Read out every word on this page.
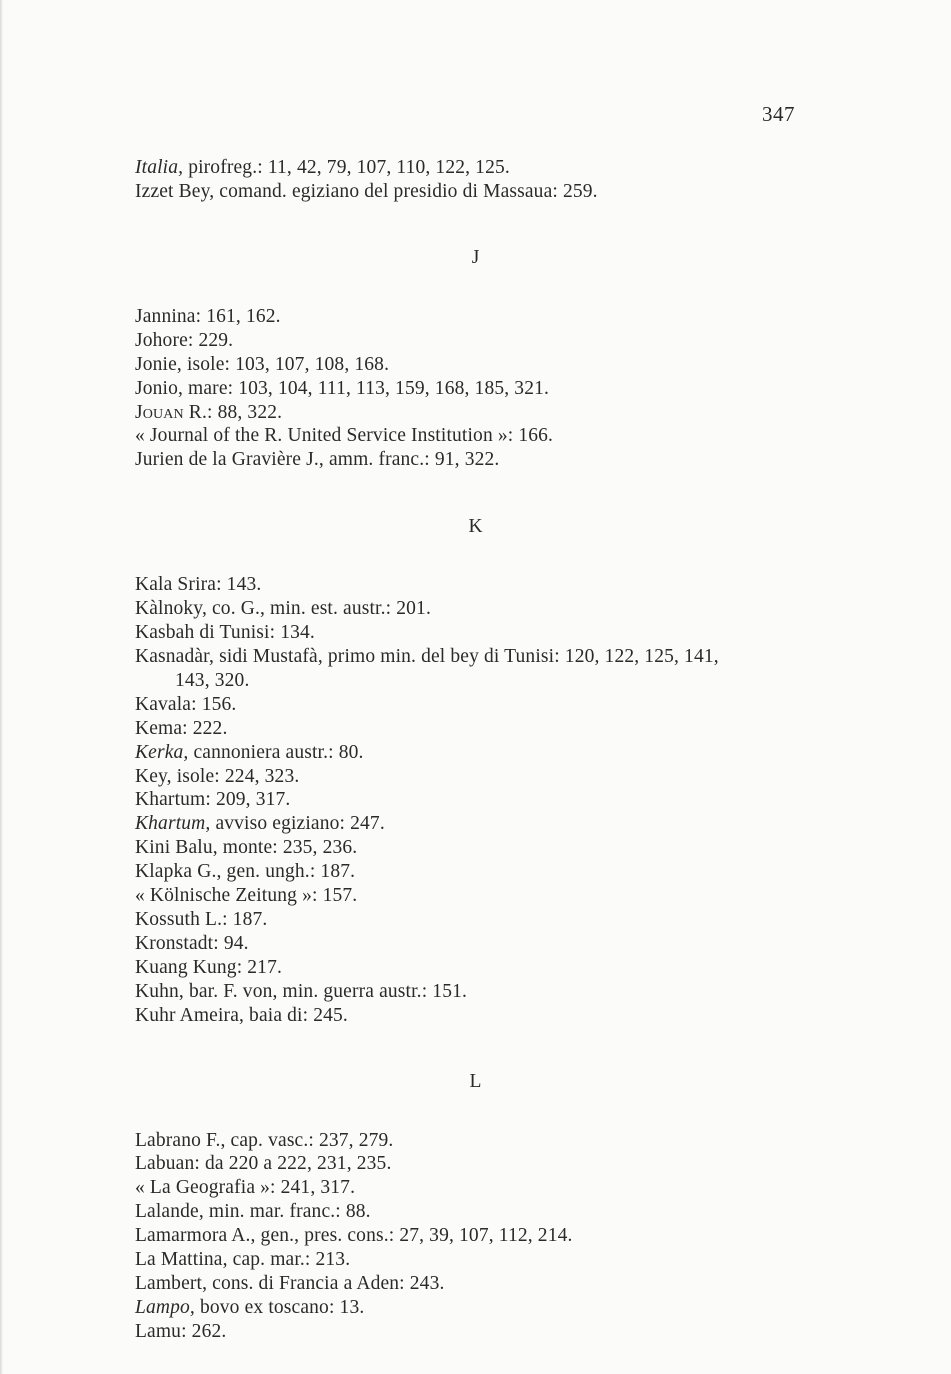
347
Italia, pirofreg.: 11, 42, 79, 107, 110, 122, 125.
Izzet Bey, comand. egiziano del presidio di Massaua: 259.
J
Jannina: 161, 162.
Johore: 229.
Jonie, isole: 103, 107, 108, 168.
Jonio, mare: 103, 104, 111, 113, 159, 168, 185, 321.
Jouan R.: 88, 322.
« Journal of the R. United Service Institution »: 166.
Jurien de la Gravière J., amm. franc.: 91, 322.
K
Kala Srira: 143.
Kàlnoky, co. G., min. est. austr.: 201.
Kasbah di Tunisi: 134.
Kasnadàr, sidi Mustafà, primo min. del bey di Tunisi: 120, 122, 125, 141,
143, 320.
Kavala: 156.
Kema: 222.
Kerka, cannoniera austr.: 80.
Key, isole: 224, 323.
Khartum: 209, 317.
Khartum, avviso egiziano: 247.
Kini Balu, monte: 235, 236.
Klapka G., gen. ungh.: 187.
« Kölnische Zeitung »: 157.
Kossuth L.: 187.
Kronstadt: 94.
Kuang Kung: 217.
Kuhn, bar. F. von, min. guerra austr.: 151.
Kuhr Ameira, baia di: 245.
L
Labrano F., cap. vasc.: 237, 279.
Labuan: da 220 a 222, 231, 235.
« La Geografia »: 241, 317.
Lalande, min. mar. franc.: 88.
Lamarmora A., gen., pres. cons.: 27, 39, 107, 112, 214.
La Mattina, cap. mar.: 213.
Lambert, cons. di Francia a Aden: 243.
Lampo, bovo ex toscano: 13.
Lamu: 262.
